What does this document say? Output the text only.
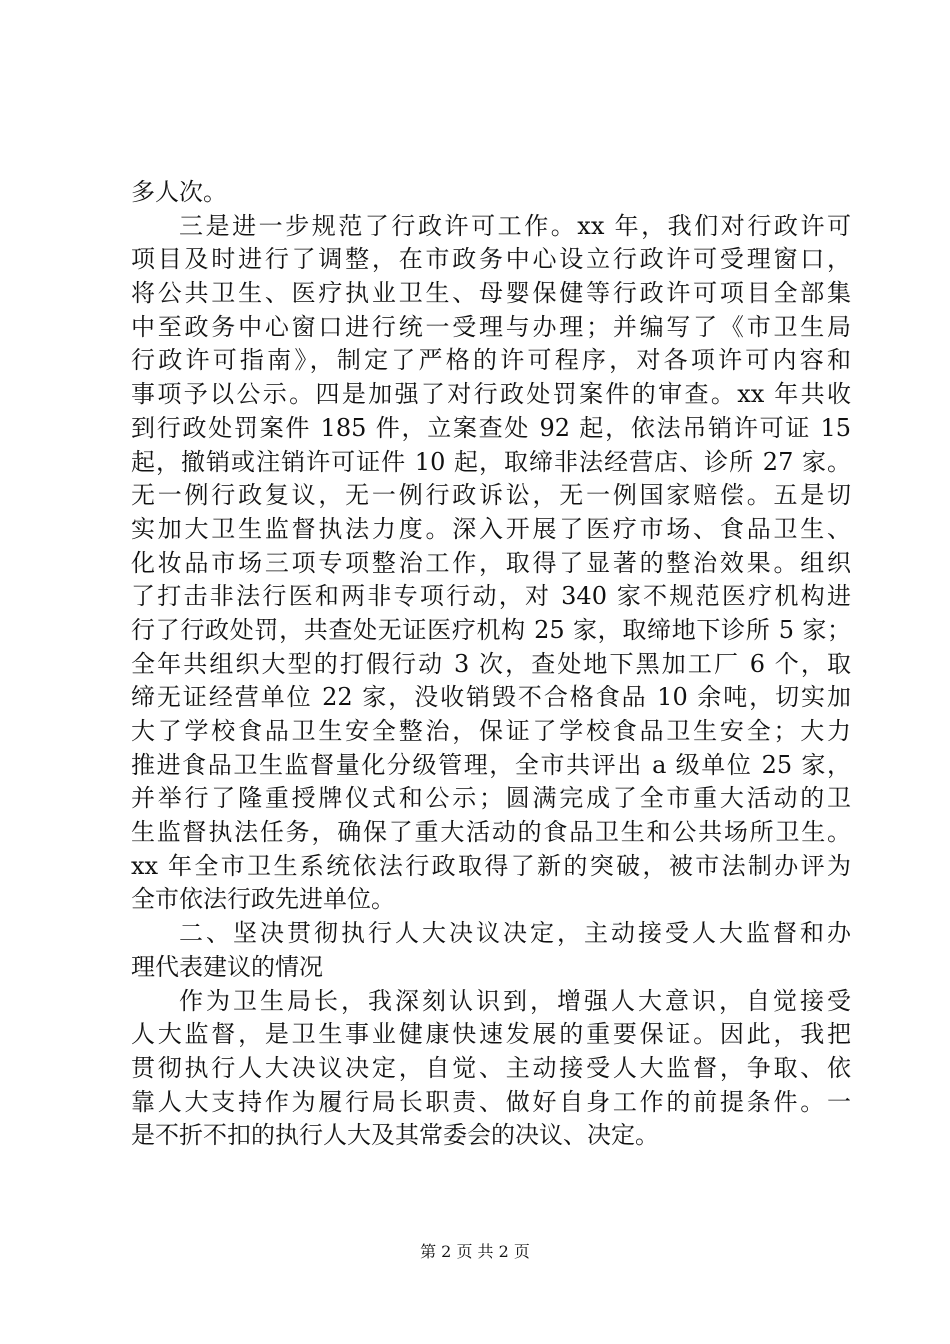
多人次。
三是进一步规范了行政许可工作。xx 年，我们对行政许可
项目及时进行了调整，在市政务中心设立行政许可受理窗口，
将公共卫生、医疗执业卫生、母婴保健等行政许可项目全部集
中至政务中心窗口进行统一受理与办理；并编写了《市卫生局
行政许可指南》，制定了严格的许可程序，对各项许可内容和
事项予以公示。四是加强了对行政处罚案件的审查。xx 年共收
到行政处罚案件 185 件，立案查处 92 起，依法吊销许可证 15
起，撤销或注销许可证件 10 起，取缔非法经营店、诊所 27 家。
无一例行政复议，无一例行政诉讼，无一例国家赔偿。五是切
实加大卫生监督执法力度。深入开展了医疗市场、食品卫生、
化妆品市场三项专项整治工作，取得了显著的整治效果。组织
了打击非法行医和两非专项行动，对 340 家不规范医疗机构进
行了行政处罚，共查处无证医疗机构 25 家，取缔地下诊所 5 家；
全年共组织大型的打假行动 3 次，查处地下黑加工厂 6 个，取
缔无证经营单位 22 家，没收销毁不合格食品 10 余吨，切实加
大了学校食品卫生安全整治，保证了学校食品卫生安全；大力
推进食品卫生监督量化分级管理，全市共评出 a 级单位 25 家，
并举行了隆重授牌仪式和公示；圆满完成了全市重大活动的卫
生监督执法任务，确保了重大活动的食品卫生和公共场所卫生。
xx 年全市卫生系统依法行政取得了新的突破，被市法制办评为
全市依法行政先进单位。
二、坚决贯彻执行人大决议决定，主动接受人大监督和办
理代表建议的情况
作为卫生局长，我深刻认识到，增强人大意识，自觉接受
人大监督，是卫生事业健康快速发展的重要保证。因此，我把
贯彻执行人大决议决定，自觉、主动接受人大监督，争取、依
靠人大支持作为履行局长职责、做好自身工作的前提条件。一
是不折不扣的执行人大及其常委会的决议、决定。
第 2 页 共 2 页
